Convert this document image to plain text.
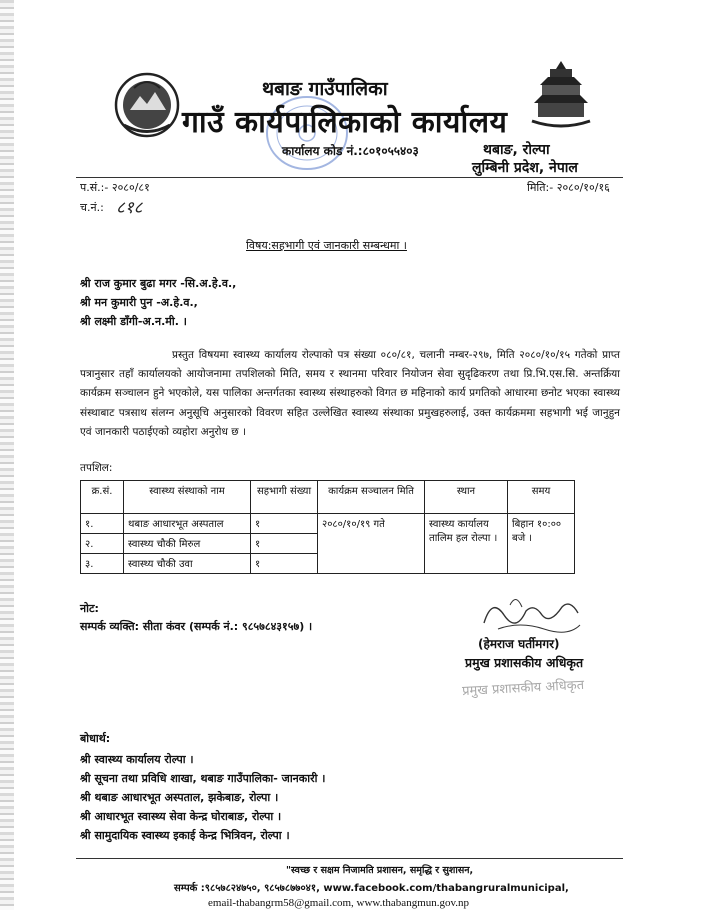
थबाङ गाउँपालिका
गाउँ कार्यपालिकाको कार्यालय
कार्यालय कोड नं.:८०१०५५४०३	थबाङ, रोल्पा
लुम्बिनी प्रदेश, नेपाल
प.सं.:- २०८०/८१	मिति:- २०८०/१०/१६
च.नं.: ८१८
विषय:सहभागी एवं जानकारी सम्बन्धमा ।
श्री राज कुमार बुढा मगर -सि.अ.हे.व.,
श्री मन कुमारी पुन -अ.हे.व.,
श्री लक्ष्मी डाँगी-अ.न.मी. ।
प्रस्तुत विषयमा स्वास्थ्य कार्यालय रोल्पाको पत्र संख्या ०८०/८१, चलानी नम्बर-२९७, मिति २०८०/१०/१५ गतेको प्राप्त पत्रानुसार तहाँ कार्यालयको आयोजनामा तपशिलको मिति, समय र स्थानमा परिवार नियोजन सेवा सुदृढिकरण तथा प्रि.भि.एस.सि. अन्तर्क्रिया कार्यक्रम सञ्चालन हुने भएकोले, यस पालिका अन्तर्गतका स्वास्थ्य संस्थाहरुको विगत छ महिनाको कार्य प्रगतिको आधारमा छनोट भएका स्वास्थ्य संस्थाबाट पत्रसाथ संलग्न अनुसूचि अनुसारको विवरण सहित उल्लेखित स्वास्थ्य संस्थाका प्रमुखहरुलाई, उक्त कार्यक्रममा सहभागी भई जानुहुन एवं जानकारी पठाईएको व्यहोरा अनुरोध छ ।
तपशिल:
क्र.सं.	स्वास्थ्य संस्थाको नाम	सहभागी संख्या	कार्यक्रम सञ्चालन मिति	स्थान	समय
१.	थबाङ आधारभूत अस्पताल	१	२०८०/१०/१९ गते	स्वास्थ्य कार्यालय तालिम हल रोल्पा ।	बिहान १०:०० बजे ।
२.	स्वास्थ्य चौकी मिरुल	१			
३.	स्वास्थ्य चौकी उवा	१			
नोट:
सम्पर्क व्यक्ति: सीता कंवर (सम्पर्क नं.: ९८५७८४३१५७) ।
(हेमराज घर्तीमगर)
प्रमुख प्रशासकीय अधिकृत
प्रमुख प्रशासकीय अधिकृत
बोधार्थ:
श्री स्वास्थ्य कार्यालय रोल्पा ।
श्री सूचना तथा प्रविधि शाखा, थबाङ गाउँपालिका- जानकारी ।
श्री थबाङ आधारभूत अस्पताल, झकेबाङ, रोल्पा ।
श्री आधारभूत स्वास्थ्य सेवा केन्द्र घोराबाङ, रोल्पा ।
श्री सामुदायिक स्वास्थ्य इकाई केन्द्र भित्रिवन, रोल्पा ।
"स्वच्छ र सक्षम निजामति प्रशासन, समृद्धि र सुशासन,
सम्पर्क :९८५७८२४७५०, ९८५७८७७०४१, www.facebook.com/thabangruralmunicipal,
email-thabangrm58@gmail.com, www.thabangmun.gov.np
